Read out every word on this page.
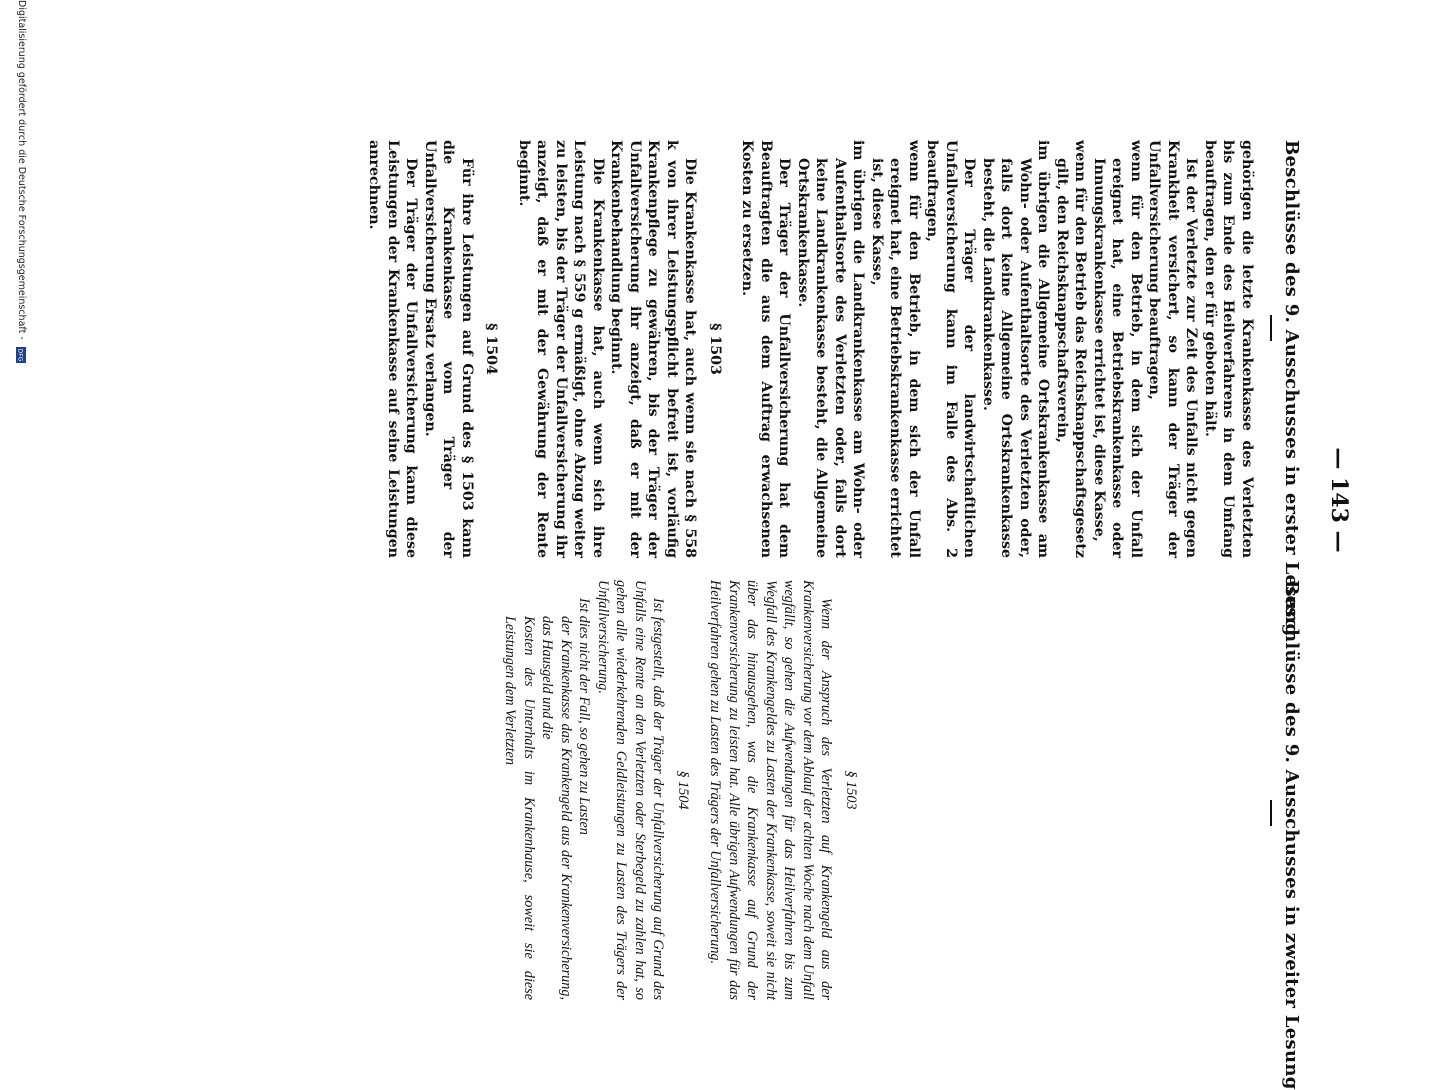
Beschlüsse des 9. Ausschusses in erster Lesung — 143 —
Beschlüsse des 9. Ausschusses in zweiter Lesung

gehörigen die letzte Krankenkasse des Verletzten bis zum Ende des Heilverfahrens in dem Umfang beauftragen, den er für geboten hält.

Ist der Verletzte zur Zeit des Unfalls nicht gegen Krankheit versichert, so kann der Träger der Unfallversicherung beauftragen,

wenn für den Betrieb, in dem sich der Unfall ereignet hat, eine Betriebskrankenkasse oder Innungskrankenkasse errichtet ist, diese Kasse,

wenn für den Betrieb das Reichsknappschaftsgesetz gilt, den Reichsknappschaftsverein,

im übrigen die Allgemeine Ortskrankenkasse am Wohn- oder Aufenthaltsorte des Verletzten oder, falls dort keine Allgemeine Ortskrankenkasse besteht, die Landkrankenkasse.

Der Träger der landwirtschaftlichen Unfallversicherung kann im Falle des Abs. 2 beauftragen,

wenn für den Betrieb, in dem sich der Unfall ereignet hat, eine Betriebskrankenkasse errichtet ist, diese Kasse,

im übrigen die Landkrankenkasse am Wohn- oder Aufenthaltsorte des Verletzten oder, falls dort keine Landkrankenkasse besteht, die Allgemeine Ortskrankenkasse.

Der Träger der Unfallversicherung hat dem Beauftragten die aus dem Auftrag erwachsenen Kosten zu ersetzen.

§ 1503

Die Krankenkasse hat, auch wenn sie nach § 558 k von ihrer Leistungspflicht befreit ist, vorläufig Krankenpflege zu gewähren, bis der Träger der Unfallversicherung ihr anzeigt, daß er mit der Krankenbehandlung beginnt.

Die Krankenkasse hat, auch wenn sich ihre Leistung nach § 559 g ermäßigt, ohne Abzug weiter zu leisten, bis der Träger der Unfallversicherung ihr anzeigt, daß er mit der Gewährung der Rente beginnt.

§ 1504

Für ihre Leistungen auf Grund des § 1503 kann die Krankenkasse vom Träger der Unfallversicherung Ersatz verlangen.

Der Träger der Unfallversicherung kann diese Leistungen der Krankenkasse auf seine Leistungen anrechnen.

§ 1503

Wenn der Anspruch des Verletzten auf Krankengeld aus der Krankenversicherung vor dem Ablauf der achten Woche nach dem Unfall wegfällt, so gehen die Aufwendungen für das Heilverfahren bis zum Wegfall des Krankengeldes zu Lasten der Krankenkasse, soweit sie nicht über das hinausgehen, was die Krankenkasse auf Grund der Krankenversicherung zu leisten hat. Alle übrigen Aufwendungen für das Heilverfahren gehen zu Lasten des Trägers der Unfallversicherung.

§ 1504

Ist festgestellt, daß der Träger der Unfallversicherung auf Grund des Unfalls eine Rente an den Verletzten oder Sterbegeld zu zahlen hat, so gehen alle wiederkehrenden Geldleistungen zu Lasten des Trägers der Unfallversicherung.

Ist dies nicht der Fall, so gehen zu Lasten

der Krankenkasse das Krankengeld aus der Krankenversicherung, das Hausgeld und die

Kosten des Unterhalts im Krankenhause, soweit sie diese Leistungen dem Verletzten

Digitalisierung gefördert durch die Deutsche Forschungsgemeinschaft -
DFG
